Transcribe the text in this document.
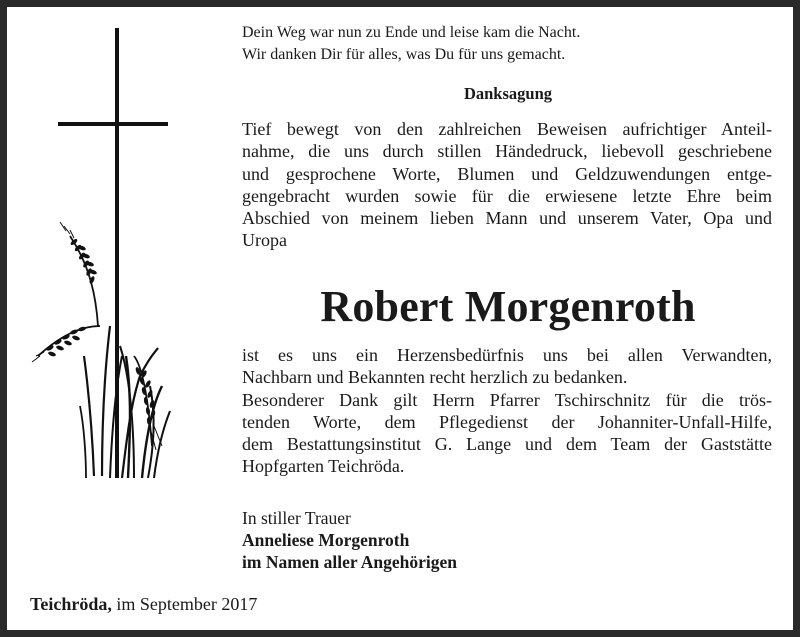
Dein Weg war nun zu Ende und leise kam die Nacht.
Wir danken Dir für alles, was Du für uns gemacht.
Danksagung
Tief bewegt von den zahlreichen Beweisen aufrichtiger Anteil-
nahme, die uns durch stillen Händedruck, liebevoll geschriebene
und gesprochene Worte, Blumen und Geldzuwendungen entge-
gengebracht wurden sowie für die erwiesene letzte Ehre beim
Abschied von meinem lieben Mann und unserem Vater, Opa und
Uropa
Robert Morgenroth
ist es uns ein Herzensbedürfnis uns bei allen Verwandten,
Nachbarn und Bekannten recht herzlich zu bedanken.
Besonderer Dank gilt Herrn Pfarrer Tschirschnitz für die trös-
tenden Worte, dem Pflegedienst der Johanniter-Unfall-Hilfe,
dem Bestattungsinstitut G. Lange und dem Team der Gaststätte
Hopfgarten Teichröda.
In stiller Trauer
Anneliese Morgenroth
im Namen aller Angehörigen
Teichröda, im September 2017
